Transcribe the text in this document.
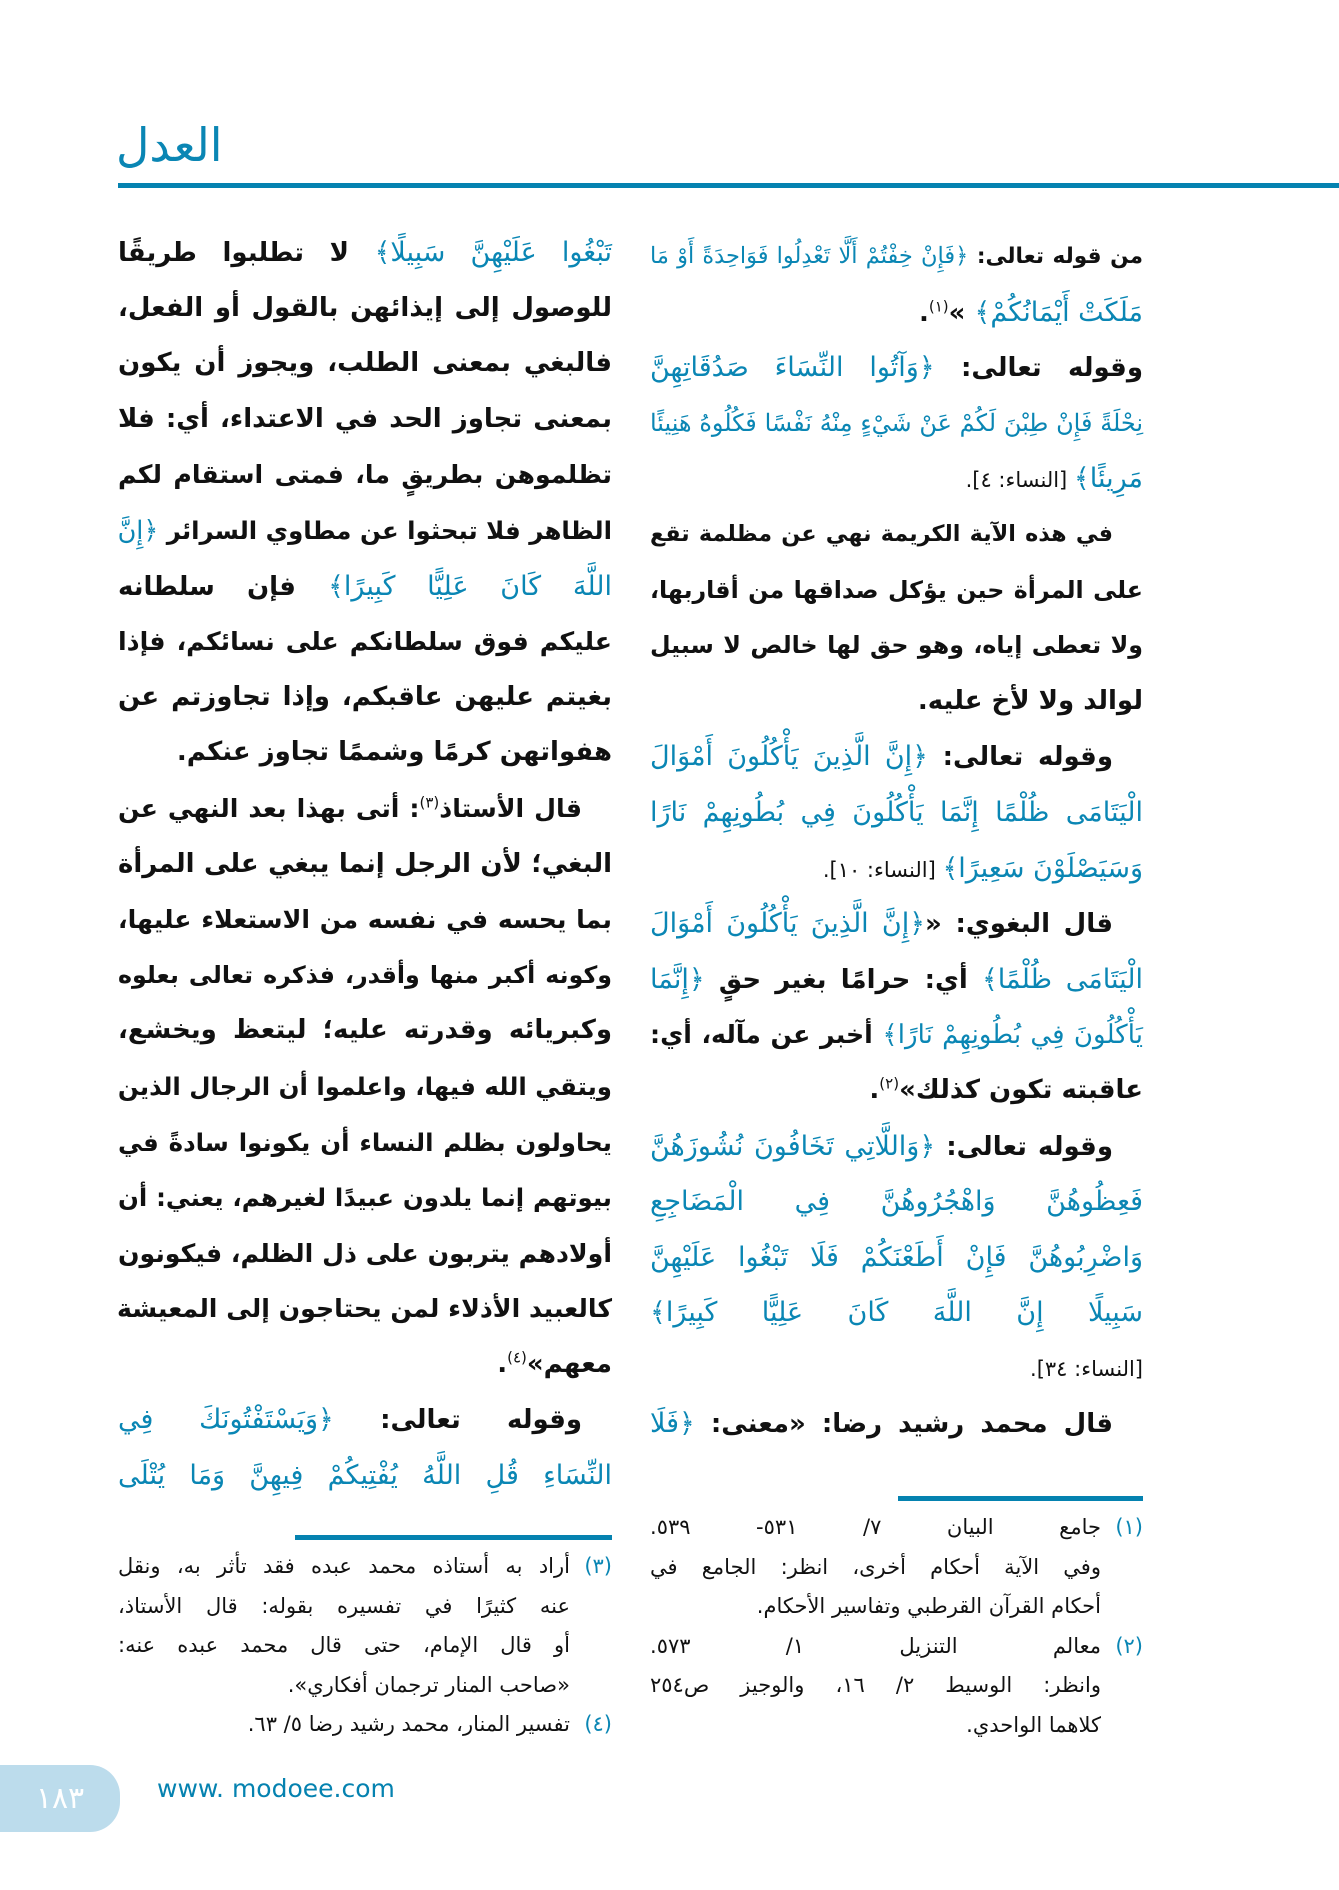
العدل
من قوله تعالى: ﴿فَإِنْ خِفْتُمْ أَلَّا تَعْدِلُوا فَوَاحِدَةً أَوْ مَا
مَلَكَتْ أَيْمَانُكُمْ﴾ »$^{(١)}$.
وقوله تعالى: ﴿وَآتُوا النِّسَاءَ صَدُقَاتِهِنَّ
نِحْلَةً فَإِنْ طِبْنَ لَكُمْ عَنْ شَيْءٍ مِنْهُ نَفْسًا فَكُلُوهُ هَنِيئًا
مَرِيئًا﴾ [النساء: ٤].
في هذه الآية الكريمة نهي عن مظلمة تقع
على المرأة حين يؤكل صداقها من أقاربها،
ولا تعطى إياه، وهو حق لها خالص لا سبيل
لوالد ولا لأخ عليه.
وقوله تعالى: ﴿إِنَّ الَّذِينَ يَأْكُلُونَ أَمْوَالَ
الْيَتَامَى ظُلْمًا إِنَّمَا يَأْكُلُونَ فِي بُطُونِهِمْ نَارًا
وَسَيَصْلَوْنَ سَعِيرًا﴾ [النساء: ١٠].
قال البغوي: «﴿إِنَّ الَّذِينَ يَأْكُلُونَ أَمْوَالَ
الْيَتَامَى ظُلْمًا﴾ أي: حرامًا بغير حقٍ ﴿إِنَّمَا
يَأْكُلُونَ فِي بُطُونِهِمْ نَارًا﴾ أخبر عن مآله، أي:
عاقبته تكون كذلك»$^{(٢)}$.
وقوله تعالى: ﴿وَاللَّاتِي تَخَافُونَ نُشُوزَهُنَّ
فَعِظُوهُنَّ وَاهْجُرُوهُنَّ فِي الْمَضَاجِعِ
وَاضْرِبُوهُنَّ فَإِنْ أَطَعْنَكُمْ فَلَا تَبْغُوا عَلَيْهِنَّ
سَبِيلًا إِنَّ اللَّهَ كَانَ عَلِيًّا كَبِيرًا﴾
[النساء: ٣٤].
قال محمد رشيد رضا: «معنى: ﴿فَلَا
تَبْغُوا عَلَيْهِنَّ سَبِيلًا﴾ لا تطلبوا طريقًا
للوصول إلى إيذائهن بالقول أو الفعل،
فالبغي بمعنى الطلب، ويجوز أن يكون
بمعنى تجاوز الحد في الاعتداء، أي: فلا
تظلموهن بطريقٍ ما، فمتى استقام لكم
الظاهر فلا تبحثوا عن مطاوي السرائر ﴿إِنَّ
اللَّهَ كَانَ عَلِيًّا كَبِيرًا﴾ فإن سلطانه
عليكم فوق سلطانكم على نسائكم، فإذا
بغيتم عليهن عاقبكم، وإذا تجاوزتم عن
هفواتهن كرمًا وشممًا تجاوز عنكم.
قال الأستاذ$^{(٣)}$: أتى بهذا بعد النهي عن
البغي؛ لأن الرجل إنما يبغي على المرأة
بما يحسه في نفسه من الاستعلاء عليها،
وكونه أكبر منها وأقدر، فذكره تعالى بعلوه
وكبريائه وقدرته عليه؛ ليتعظ ويخشع،
ويتقي الله فيها، واعلموا أن الرجال الذين
يحاولون بظلم النساء أن يكونوا سادةً في
بيوتهم إنما يلدون عبيدًا لغيرهم، يعني: أن
أولادهم يتربون على ذل الظلم، فيكونون
كالعبيد الأذلاء لمن يحتاجون إلى المعيشة
معهم»$^{(٤)}$.
وقوله تعالى: ﴿وَيَسْتَفْتُونَكَ فِي
النِّسَاءِ قُلِ اللَّهُ يُفْتِيكُمْ فِيهِنَّ وَمَا يُتْلَى
(١)
جامع البيان ٧/ ٥٣١- ٥٣٩.
وفي الآية أحكام أخرى، انظر: الجامع في
أحكام القرآن القرطبي وتفاسير الأحكام.
(٢)
معالم التنزيل ١/ ٥٧٣.
وانظر: الوسيط ٢/ ١٦، والوجيز ص٢٥٤
كلاهما الواحدي.
(٣)
أراد به أستاذه محمد عبده فقد تأثر به، ونقل
عنه كثيرًا في تفسيره بقوله: قال الأستاذ،
أو قال الإمام، حتى قال محمد عبده عنه:
«صاحب المنار ترجمان أفكاري».
(٤)
تفسير المنار، محمد رشيد رضا ٥/ ٦٣.
١٨٣	www. modoee.com
